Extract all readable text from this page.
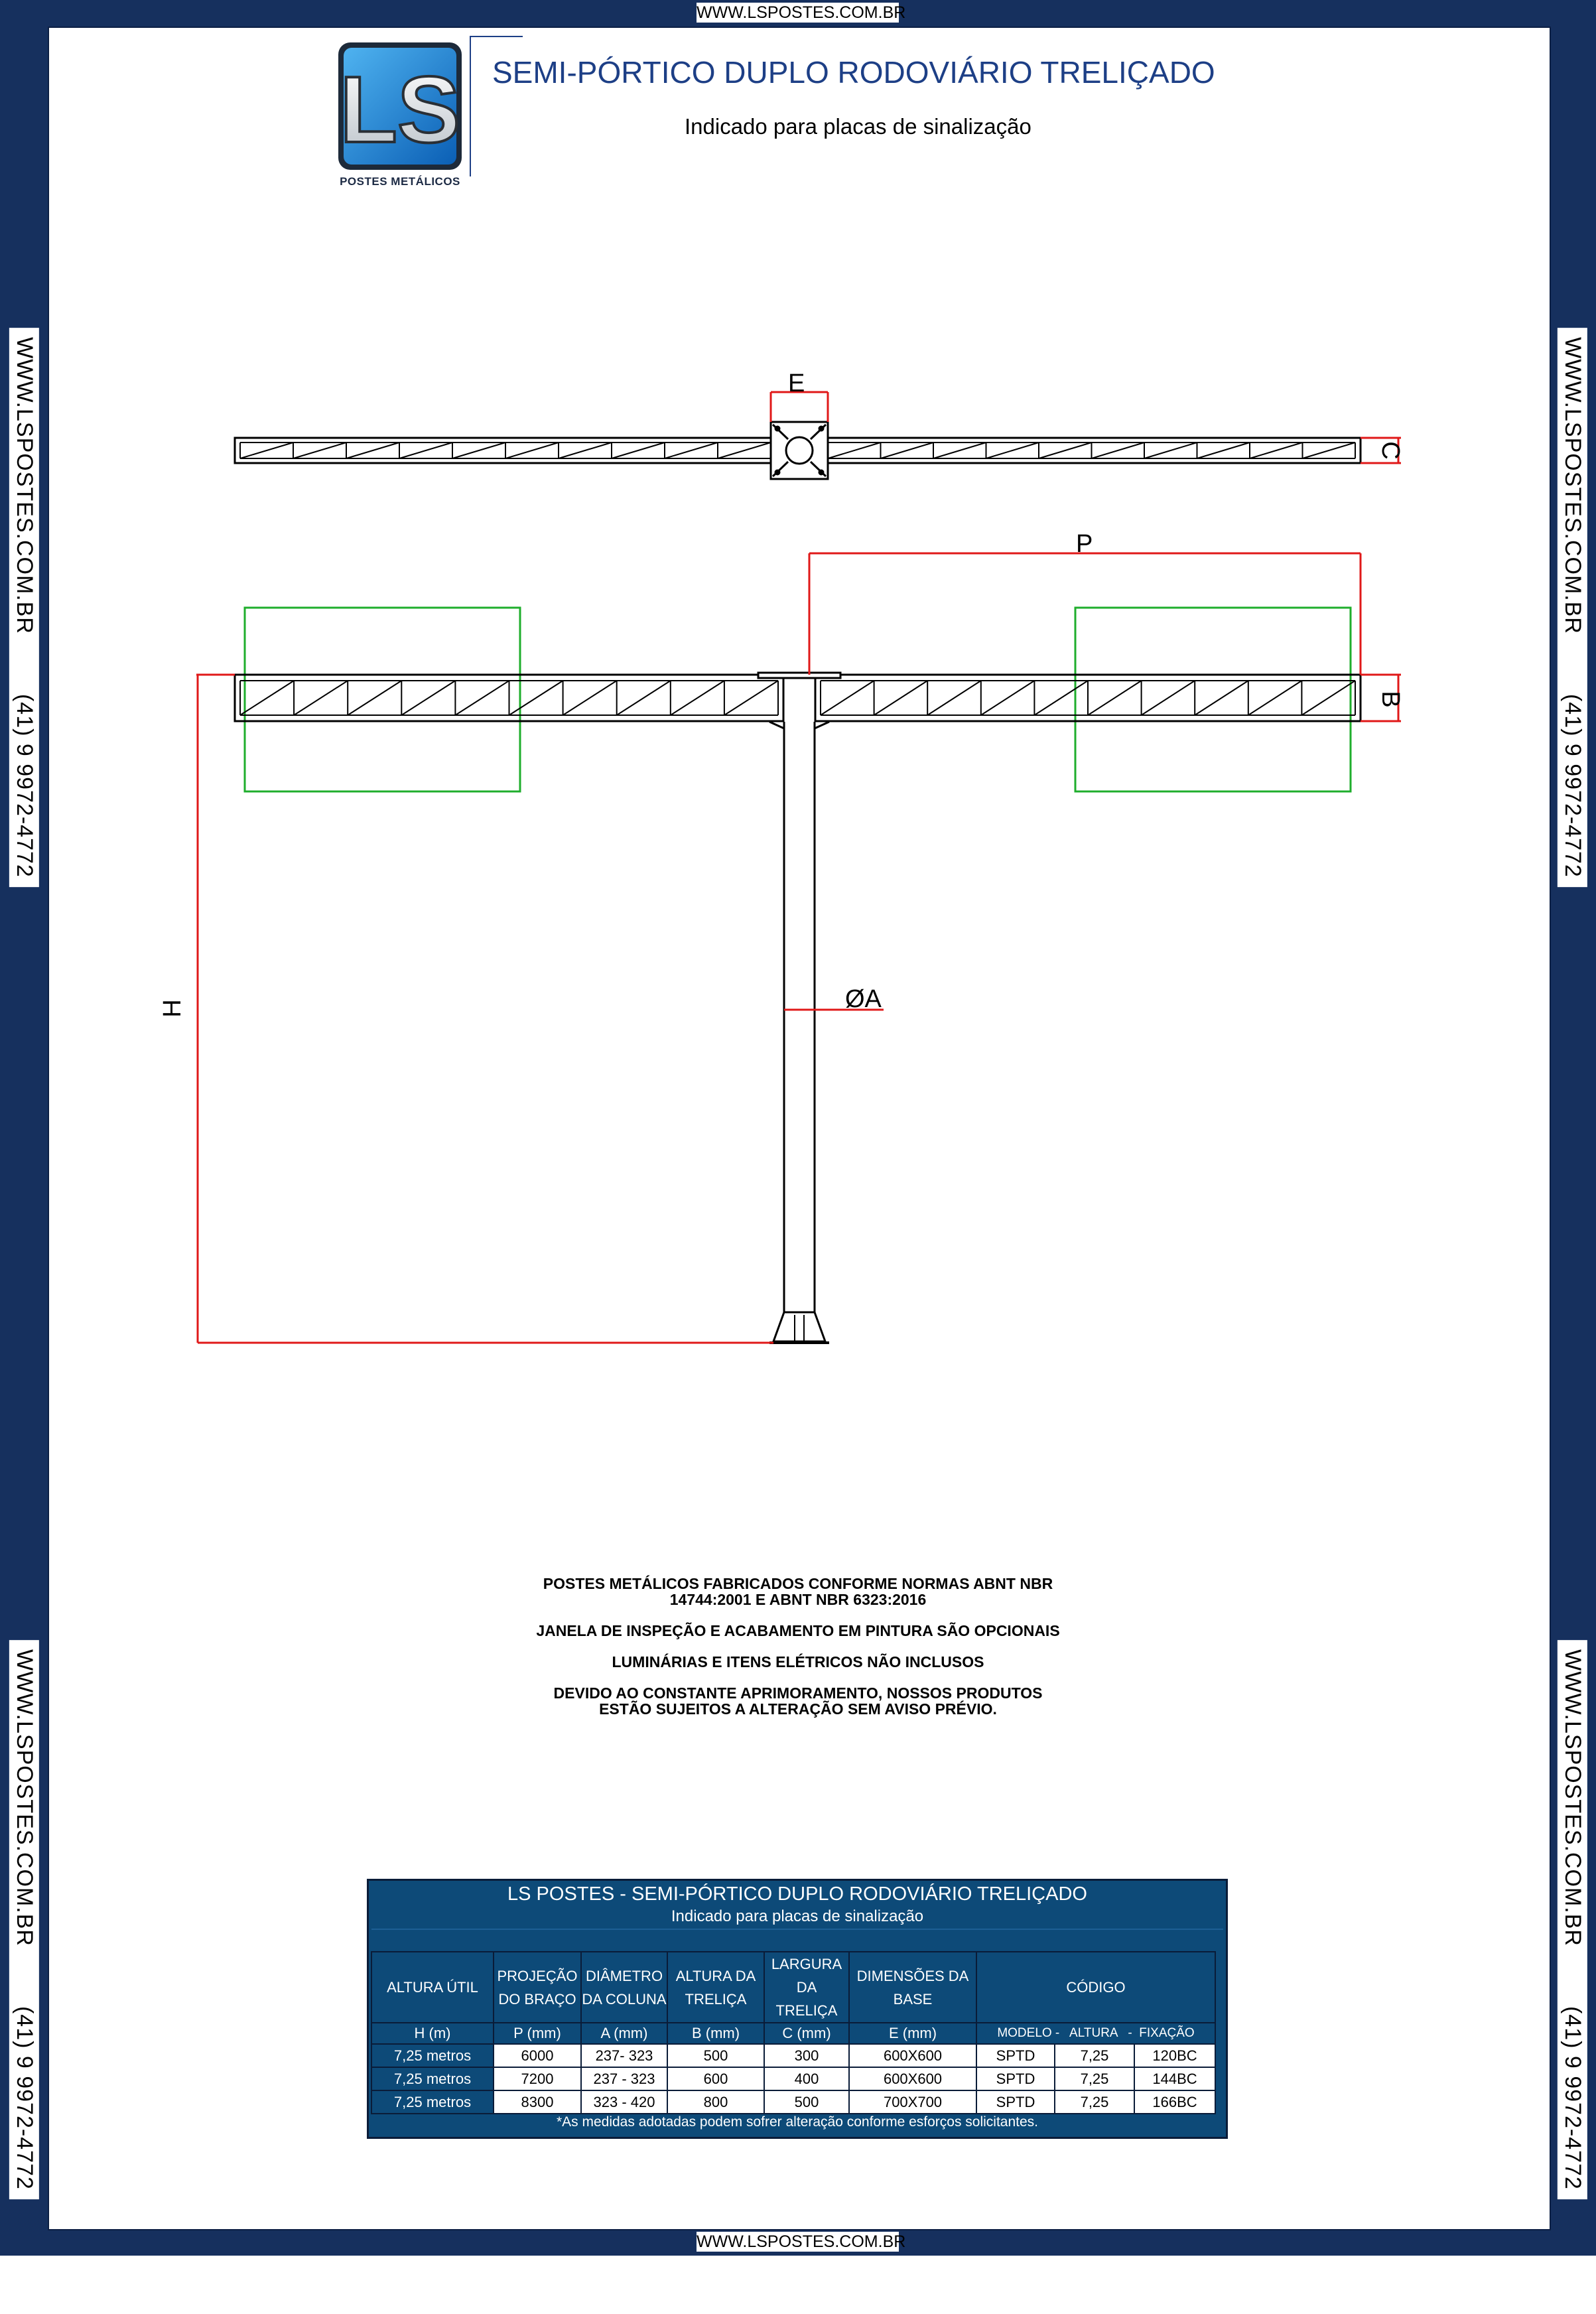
WWW.LSPOSTES.COM.BR
WWW.LSPOSTES.COM.BR
WWW.LSPOSTES.COM.BR(41) 9 9972-4772
WWW.LSPOSTES.COM.BR(41) 9 9972-4772
WWW.LSPOSTES.COM.BR(41) 9 9972-4772
WWW.LSPOSTES.COM.BR(41) 9 9972-4772
LS
POSTES METÁLICOS
SEMI-PÓRTICO DUPLO RODOVIÁRIO TRELIÇADO
Indicado para placas de sinalização
E
C
P
B
H	ØA

POSTES METÁLICOS FABRICADOS CONFORME NORMAS ABNT NBR 14744:2001 E ABNT NBR 6323:2016

JANELA DE INSPEÇÃO E ACABAMENTO EM PINTURA SÃO OPCIONAIS

LUMINÁRIAS E ITENS ELÉTRICOS NÃO INCLUSOS

DEVIDO AO CONSTANTE APRIMORAMENTO, NOSSOS PRODUTOS ESTÃO SUJEITOS A ALTERAÇÃO SEM AVISO PRÉVIO.

LS POSTES - SEMI-PÓRTICO DUPLO RODOVIÁRIO TRELIÇADO
Indicado para placas de sinalização
ALTURA ÚTIL	PROJEÇÃO DO BRAÇO	DIÂMETRO DA COLUNA	ALTURA DA TRELIÇA	LARGURA DA TRELIÇA	DIMENSÕES DA BASE	CÓDIGO		
H (m)	P (mm)	A (mm)	B (mm)	C (mm)	E (mm)	MODELO -   ALTURA   -  FIXAÇÃO		
7,25 metros	6000	237- 323	500	300	600X600	SPTD	7,25	120BC
7,25 metros	7200	237 - 323	600	400	600X600	SPTD	7,25	144BC
7,25 metros	8300	323 - 420	800	500	700X700	SPTD	7,25	166BC
*As medidas adotadas podem sofrer alteração conforme esforços solicitantes.
